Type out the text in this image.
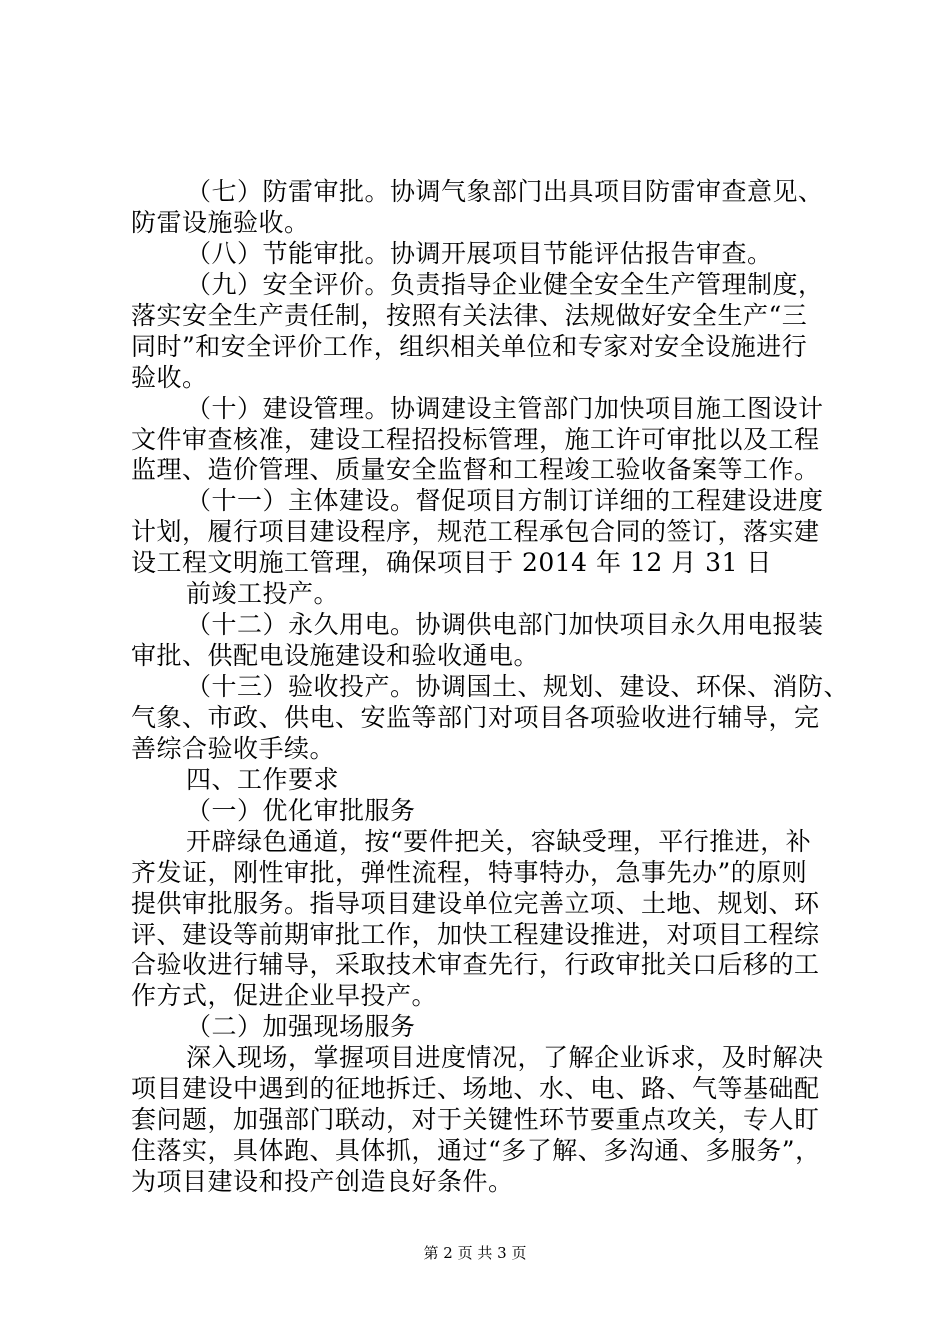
（七）防雷审批。协调气象部门出具项目防雷审查意见、
防雷设施验收。
（八）节能审批。协调开展项目节能评估报告审查。
（九）安全评价。负责指导企业健全安全生产管理制度，
落实安全生产责任制，按照有关法律、法规做好安全生产“三
同时”和安全评价工作，组织相关单位和专家对安全设施进行
验收。
（十）建设管理。协调建设主管部门加快项目施工图设计
文件审查核准，建设工程招投标管理，施工许可审批以及工程
监理、造价管理、质量安全监督和工程竣工验收备案等工作。
（十一）主体建设。督促项目方制订详细的工程建设进度
计划，履行项目建设程序，规范工程承包合同的签订，落实建
设工程文明施工管理，确保项目于 2014 年 12 月 31 日
前竣工投产。
（十二）永久用电。协调供电部门加快项目永久用电报装
审批、供配电设施建设和验收通电。
（十三）验收投产。协调国土、规划、建设、环保、消防、
气象、市政、供电、安监等部门对项目各项验收进行辅导，完
善综合验收手续。
四、工作要求
（一）优化审批服务
开辟绿色通道，按“要件把关，容缺受理，平行推进，补
齐发证，刚性审批，弹性流程，特事特办，急事先办”的原则
提供审批服务。指导项目建设单位完善立项、土地、规划、环
评、建设等前期审批工作，加快工程建设推进，对项目工程综
合验收进行辅导，采取技术审查先行，行政审批关口后移的工
作方式，促进企业早投产。
（二）加强现场服务
深入现场，掌握项目进度情况，了解企业诉求，及时解决
项目建设中遇到的征地拆迁、场地、水、电、路、气等基础配
套问题，加强部门联动，对于关键性环节要重点攻关，专人盯
住落实，具体跑、具体抓，通过“多了解、多沟通、多服务”，
为项目建设和投产创造良好条件。
第 2 页 共 3 页
